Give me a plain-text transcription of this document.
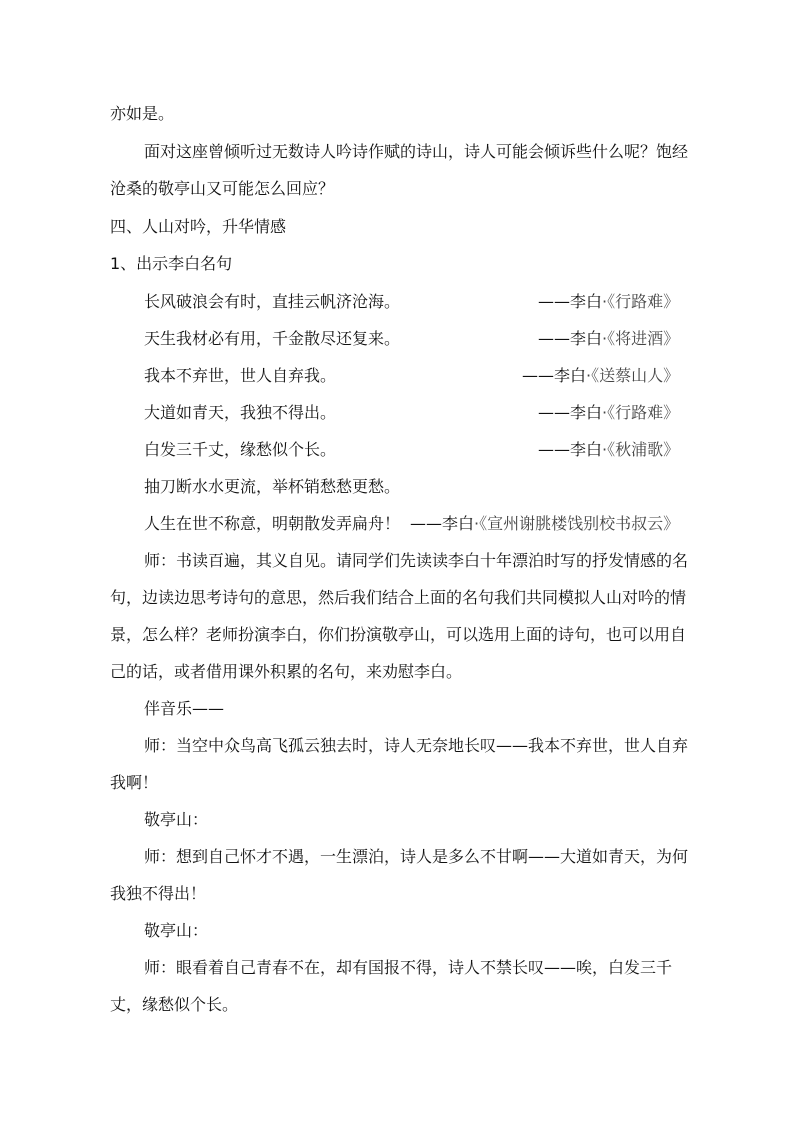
亦如是。
面对这座曾倾听过无数诗人吟诗作赋的诗山，诗人可能会倾诉些什么呢？饱经
沧桑的敬亭山又可能怎么回应？
四、人山对吟，升华情感
1、出示李白名句
长风破浪会有时，直挂云帆济沧海。	——李白·《行路难》
天生我材必有用，千金散尽还复来。	——李白·《将进酒》
我本不弃世，世人自弃我。	——李白·《送蔡山人》
大道如青天，我独不得出。	——李白·《行路难》
白发三千丈，缘愁似个长。	——李白·《秋浦歌》
抽刀断水水更流，举杯销愁愁更愁。
人生在世不称意，明朝散发弄扁舟！ ——李白·《宣州谢朓楼饯别校书叔云》
师：书读百遍，其义自见。请同学们先读读李白十年漂泊时写的抒发情感的名
句，边读边思考诗句的意思，然后我们结合上面的名句我们共同模拟人山对吟的情
景，怎么样？老师扮演李白，你们扮演敬亭山，可以选用上面的诗句，也可以用自
己的话，或者借用课外积累的名句，来劝慰李白。
伴音乐——
师：当空中众鸟高飞孤云独去时，诗人无奈地长叹——我本不弃世，世人自弃
我啊！
敬亭山：
师：想到自己怀才不遇，一生漂泊，诗人是多么不甘啊——大道如青天，为何
我独不得出！
敬亭山：
师：眼看着自己青春不在，却有国报不得，诗人不禁长叹——唉，白发三千
丈，缘愁似个长。
